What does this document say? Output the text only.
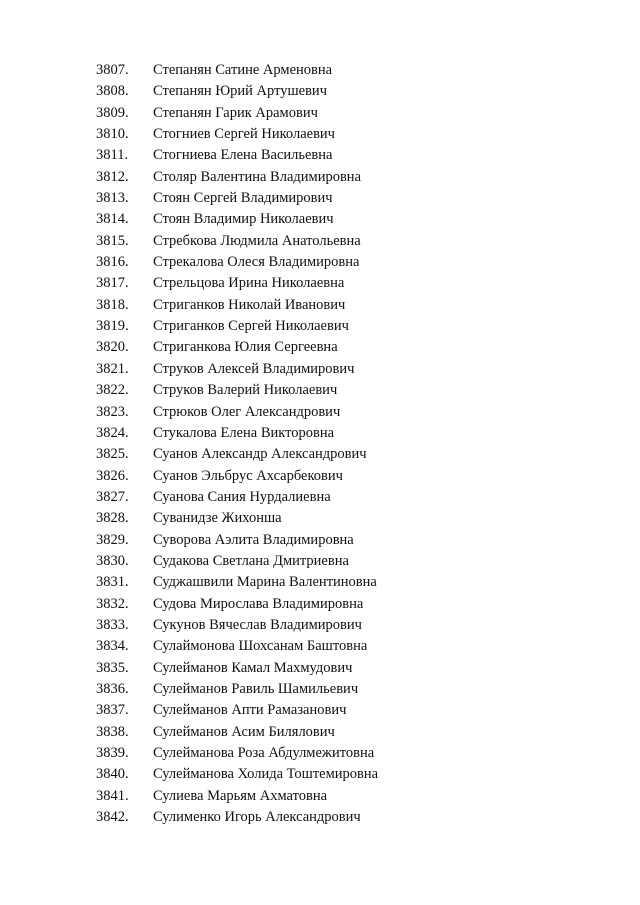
3807.	Степанян Сатине Арменовна
3808.	Степанян Юрий Артушевич
3809.	Степанян Гарик Арамович
3810.	Стогниев Сергей Николаевич
3811.	Стогниева Елена Васильевна
3812.	Столяр Валентина Владимировна
3813.	Стоян Сергей Владимирович
3814.	Стоян Владимир Николаевич
3815.	Стребкова Людмила Анатольевна
3816.	Стрекалова Олеся Владимировна
3817.	Стрельцова Ирина Николаевна
3818.	Стриганков Николай Иванович
3819.	Стриганков Сергей Николаевич
3820.	Стриганкова Юлия Сергеевна
3821.	Струков Алексей Владимирович
3822.	Струков Валерий Николаевич
3823.	Стрюков Олег Александрович
3824.	Стукалова Елена Викторовна
3825.	Суанов Александр Александрович
3826.	Суанов Эльбрус Ахсарбекович
3827.	Суанова Сания Нурдалиевна
3828.	Суванидзе Жихонша
3829.	Суворова Аэлита Владимировна
3830.	Судакова Светлана Дмитриевна
3831.	Суджашвили Марина Валентиновна
3832.	Судова Мирослава Владимировна
3833.	Сукунов Вячеслав Владимирович
3834.	Сулаймонова Шохсанам Баштовна
3835.	Сулейманов Камал Махмудович
3836.	Сулейманов Равиль Шамильевич
3837.	Сулейманов Апти Рамазанович
3838.	Сулейманов Асим Билялович
3839.	Сулейманова Роза Абдулмежитовна
3840.	Сулейманова Холида Тоштемировна
3841.	Сулиева Марьям Ахматовна
3842.	Сулименко Игорь Александрович
